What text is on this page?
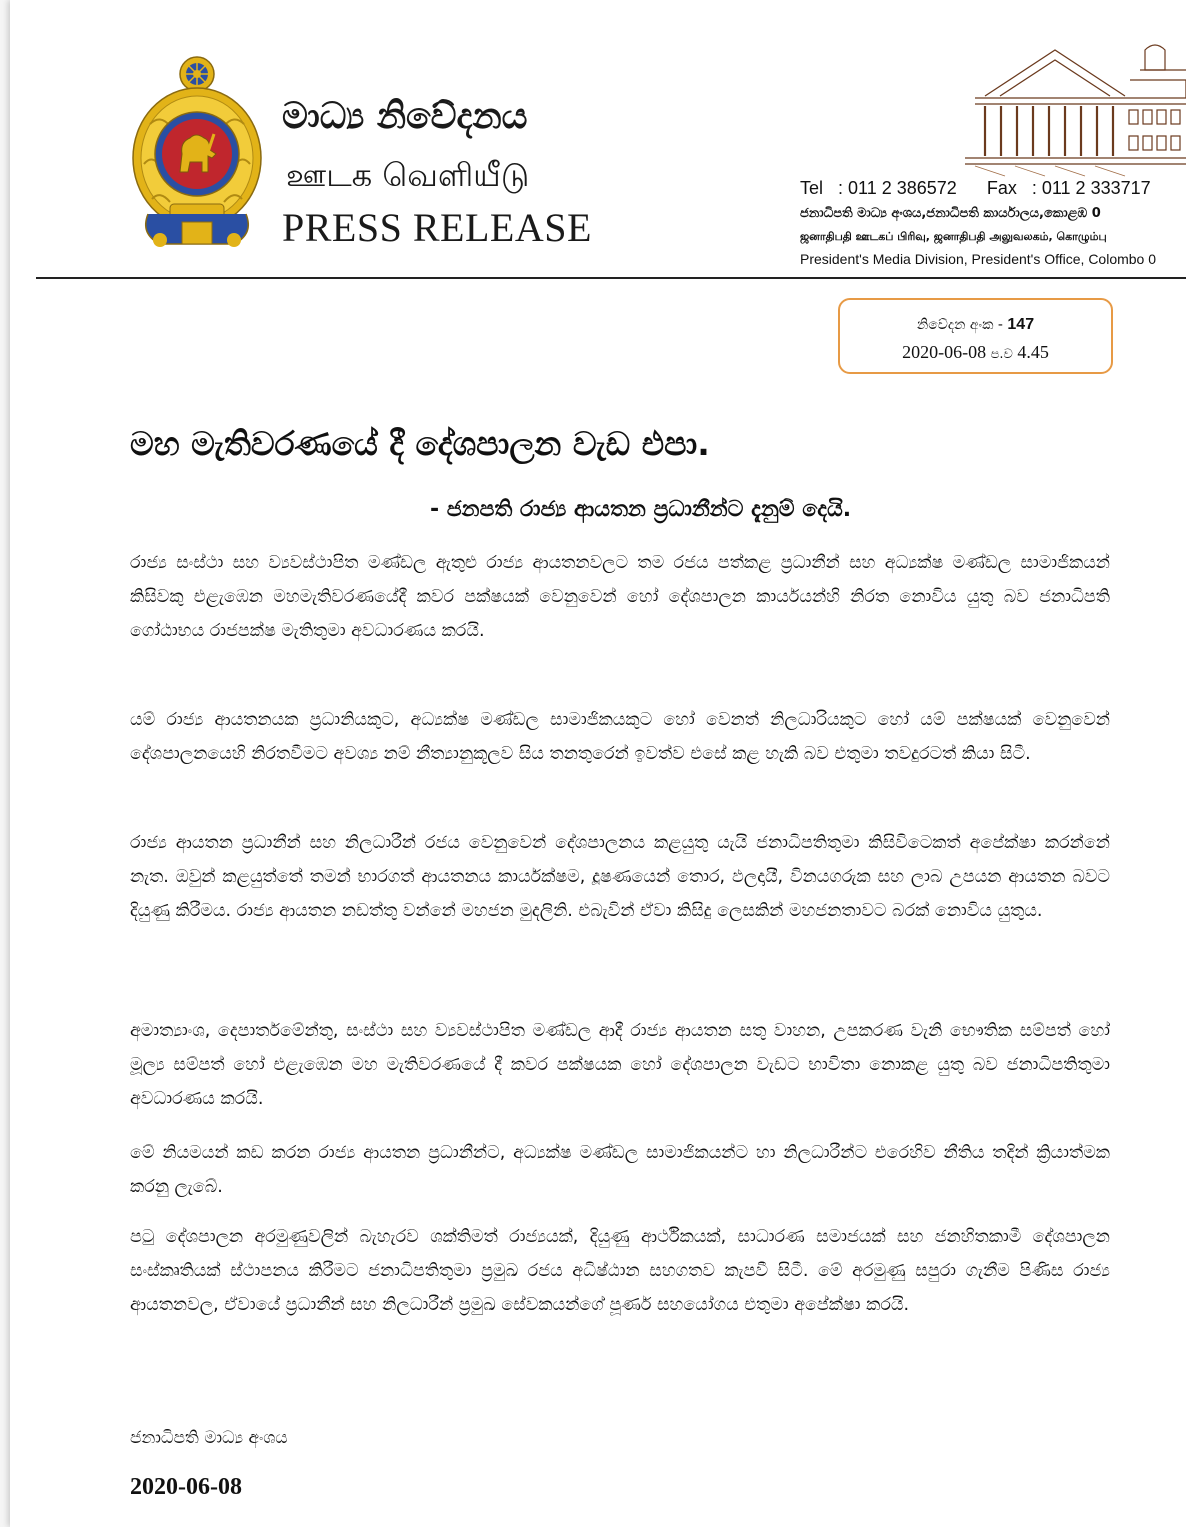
මාධ්‍ය නිවේදනය
ஊடக வெளியீடு
PRESS RELEASE
Tel : 011 2 386572 Fax : 011 2 333717
ජනාධිපති මාධ්‍ය අංශය,ජනාධිපති කාර්යාලය,කොළඹ 0
ஜனாதிபதி ஊடகப் பிரிவு, ஜனாதிபதி அலுவலகம், கொழும்பு
President's Media Division, President's Office, Colombo 0
නිවේදන අංක - 147
2020-06-08 ප.ව 4.45
මහ මැතිවරණයේ දී දේශපාලන වැඩ එපා.
- ජනපති රාජ්‍ය ආයතන ප්‍රධානීන්ට දැනුම් දෙයි.
රාජ්‍ය සංස්ථා සහ ව්‍යවස්ථාපිත මණ්ඩල ඇතුළු රාජ්‍ය ආයතනවලට තම රජය පත්කළ ප්‍රධානීන් සහ අධ්‍යක්ෂ මණ්ඩල සාමාජිකයන් කිසිවකු එළැඹෙන මහමැතිවරණයේදී කවර පක්ෂයක් වෙනුවෙන් හෝ දේශපාලන කාර්යයන්හි නිරත නොවිය යුතු බව ජනාධිපති ගෝඨාභය රාජපක්ෂ මැතිතුමා අවධාරණය කරයි.
යම් රාජ්‍ය ආයතනයක ප්‍රධානියකුට, අධ්‍යක්ෂ මණ්ඩල සාමාජිකයකුට හෝ වෙනත් නිලධාරියකුට හෝ යම් පක්ෂයක් වෙනුවෙන් දේශපාලනයෙහි නිරතවීමට අවශ්‍ය නම් නීත්‍යානුකූලව සිය තනතුරෙන් ඉවත්ව එසේ කළ හැකි බව එතුමා තවදුරටත් කියා සිටී.
රාජ්‍ය ආයතන ප්‍රධානීන් සහ නිලධාරීන් රජය වෙනුවෙන් දේශපාලනය කළයුතු යැයි ජනාධිපතිතුමා කිසිවිටෙකත් අපේක්ෂා කරන්නේ නැත. ඔවුන් කළයුත්තේ තමන් භාරගත් ආයතනය කාර්යක්ෂම, දූෂණයෙන් තොර, ඵලදායී, විනයගරුක සහ ලාබ උපයන ආයතන බවට දියුණු කිරීමය. රාජ්‍ය ආයතන නඩත්තු වන්නේ මහජන මුදලිනි. එබැවින් ඒවා කිසිදු ලෙසකින් මහජනතාවට බරක් නොවිය යුතුය.
අමාත්‍යාංශ, දෙපාර්තමේන්තු, සංස්ථා සහ ව්‍යවස්ථාපිත මණ්ඩල ආදී රාජ්‍ය ආයතන සතු වාහන, උපකරණ වැනි භෞතික සම්පත් හෝ මූල්‍ය සම්පත් හෝ එළැඹෙන මහ මැතිවරණයේ දී කවර පක්ෂයක හෝ දේශපාලන වැඩට භාවිතා නොකළ යුතු බව ජනාධිපතිතුමා අවධාරණය කරයි.
මේ නියමයන් කඩ කරන රාජ්‍ය ආයතන ප්‍රධානීන්ට, අධ්‍යක්ෂ මණ්ඩල සාමාජිකයන්ට හා නිලධාරීන්ට එරෙහිව නීතිය තදින් ක්‍රියාත්මක කරනු ලැබේ.
පටු දේශපාලන අරමුණුවලින් බැහැරව ශක්තිමත් රාජ්‍යයක්, දියුණු ආර්ථිකයක්, සාධාරණ සමාජයක් සහ ජනහිතකාමී දේශපාලන සංස්කෘතියක් ස්ථාපනය කිරීමට ජනාධිපතිතුමා ප්‍රමුඛ රජය අධිෂ්ඨාන සහගතව කැපවී සිටී. මේ අරමුණු සපුරා ගැනීම පිණිස රාජ්‍ය ආයතනවල, ඒවායේ ප්‍රධානීන් සහ නිලධාරීන් ප්‍රමුඛ සේවකයන්ගේ පූර්ණ සහයෝගය එතුමා අපේක්ෂා කරයි.
ජනාධිපති මාධ්‍ය අංශය
2020-06-08
